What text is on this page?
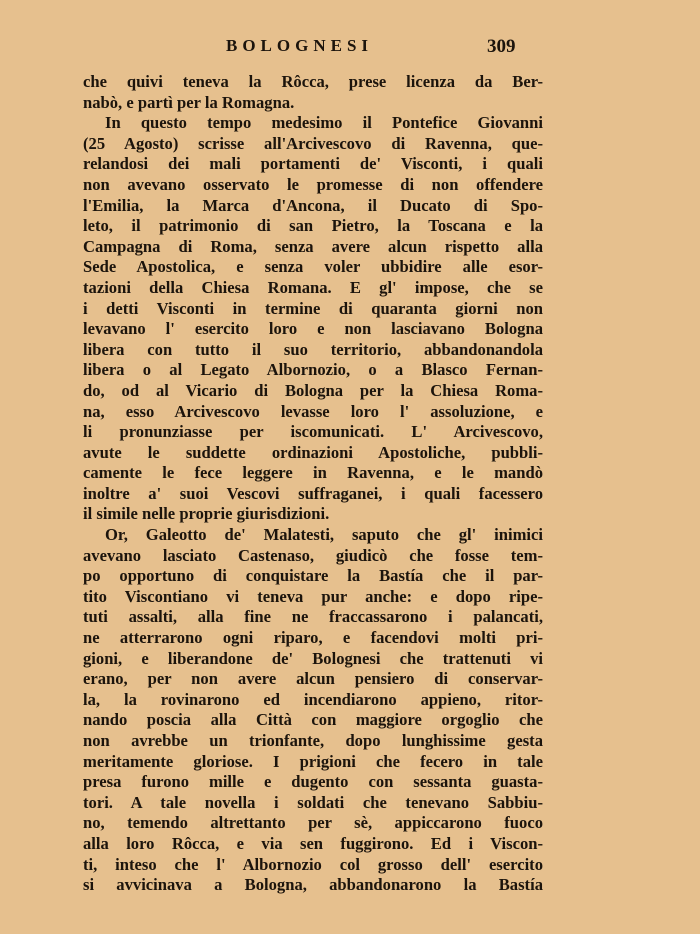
BOLOGNESI	309
che quivi teneva la Rôcca, prese licenza da Ber-
nabò, e partì per la Romagna.
In questo tempo medesimo il Pontefice Giovanni
(25 Agosto) scrisse all'Arcivescovo di Ravenna, que-
relandosi dei mali portamenti de' Visconti, i quali
non avevano osservato le promesse di non offendere
l'Emilia, la Marca d'Ancona, il Ducato di Spo-
leto, il patrimonio di san Pietro, la Toscana e la
Campagna di Roma, senza avere alcun rispetto alla
Sede Apostolica, e senza voler ubbidire alle esor-
tazioni della Chiesa Romana. E gl' impose, che se
i detti Visconti in termine di quaranta giorni non
levavano l' esercito loro e non lasciavano Bologna
libera con tutto il suo territorio, abbandonandola
libera o al Legato Albornozio, o a Blasco Fernan-
do, od al Vicario di Bologna per la Chiesa Roma-
na, esso Arcivescovo levasse loro l' assoluzione, e
li pronunziasse per iscomunicati. L' Arcivescovo,
avute le suddette ordinazioni Apostoliche, pubbli-
camente le fece leggere in Ravenna, e le mandò
inoltre a' suoi Vescovi suffraganei, i quali facessero
il simile nelle proprie giurisdizioni.
Or, Galeotto de' Malatesti, saputo che gl' inimici
avevano lasciato Castenaso, giudicò che fosse tem-
po opportuno di conquistare la Bastía che il par-
tito Viscontiano vi teneva pur anche: e dopo ripe-
tuti assalti, alla fine ne fraccassarono i palancati,
ne atterrarono ogni riparo, e facendovi molti pri-
gioni, e liberandone de' Bolognesi che trattenuti vi
erano, per non avere alcun pensiero di conservar-
la, la rovinarono ed incendiarono appieno, ritor-
nando poscia alla Città con maggiore orgoglio che
non avrebbe un trionfante, dopo lunghissime gesta
meritamente gloriose. I prigioni che fecero in tale
presa furono mille e dugento con sessanta guasta-
tori. A tale novella i soldati che tenevano Sabbiu-
no, temendo altrettanto per sè, appiccarono fuoco
alla loro Rôcca, e via sen fuggirono. Ed i Viscon-
ti, inteso che l' Albornozio col grosso dell' esercito
si avvicinava a Bologna, abbandonarono la Bastía
